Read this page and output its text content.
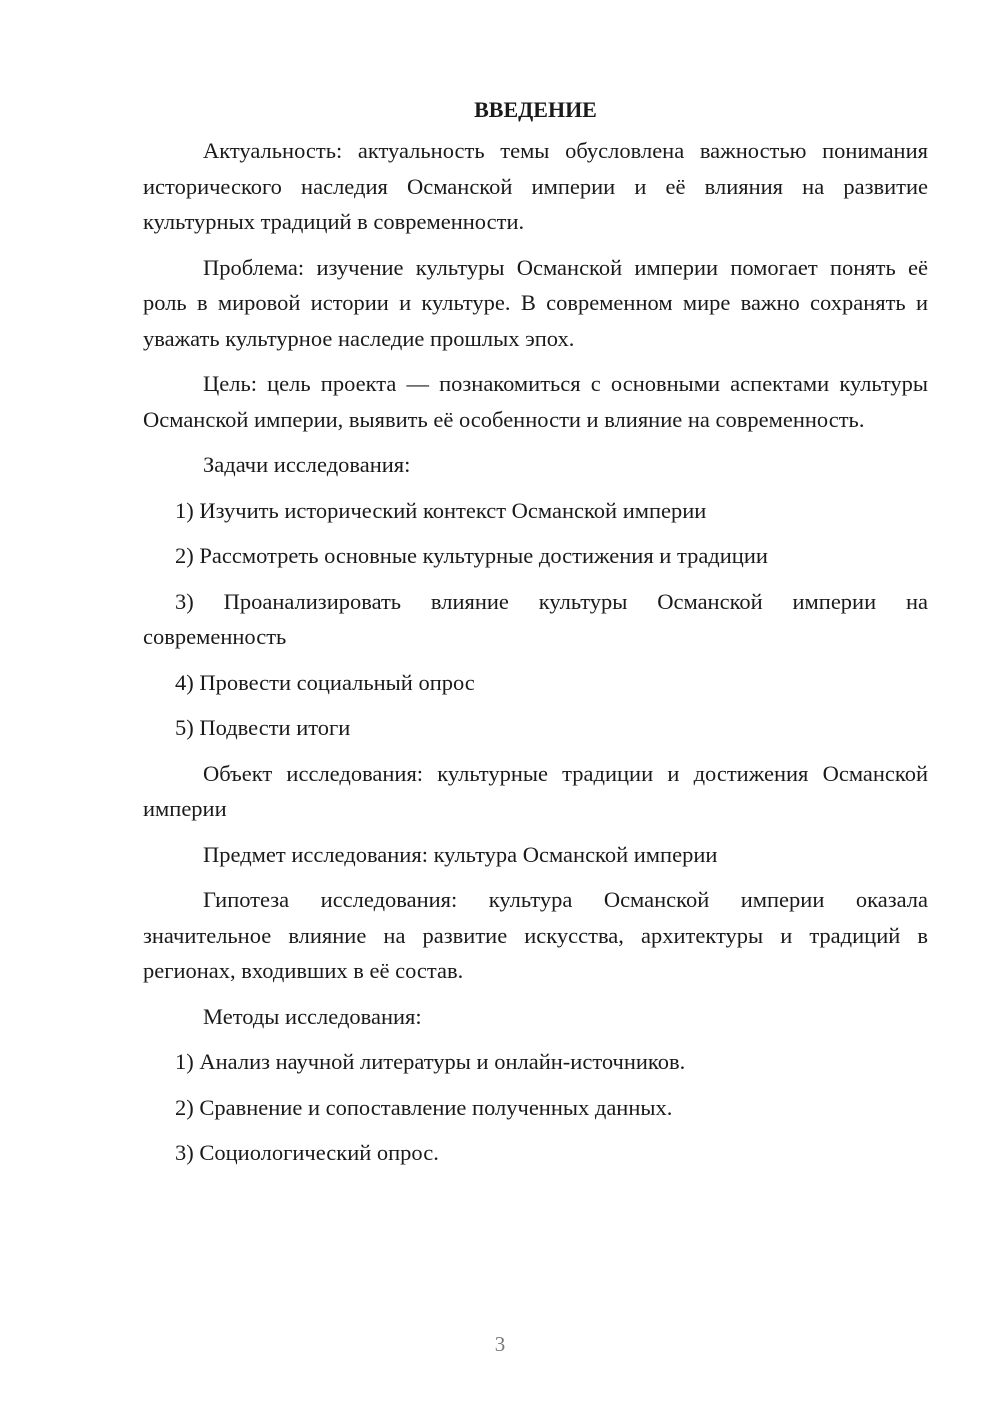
ВВЕДЕНИЕ

Актуальность: актуальность темы обусловлена важностью понимания исторического наследия Османской империи и её влияния на развитие культурных традиций в современности.

Проблема: изучение культуры Османской империи помогает понять её роль в мировой истории и культуре. В современном мире важно сохранять и уважать культурное наследие прошлых эпох.

Цель: цель проекта — познакомиться с основными аспектами культуры Османской империи, выявить её особенности и влияние на современность.

Задачи исследования:

1) Изучить исторический контекст Османской империи

2) Рассмотреть основные культурные достижения и традиции

3) Проанализировать влияние культуры Османской империи на современность

4) Провести социальный опрос

5) Подвести итоги

Объект исследования: культурные традиции и достижения Османской империи

Предмет исследования: культура Османской империи

Гипотеза исследования: культура Османской империи оказала значительное влияние на развитие искусства, архитектуры и традиций в регионах, входивших в её состав.

Методы исследования:

1) Анализ научной литературы и онлайн-источников.

2) Сравнение и сопоставление полученных данных.

3) Социологический опрос.

3
